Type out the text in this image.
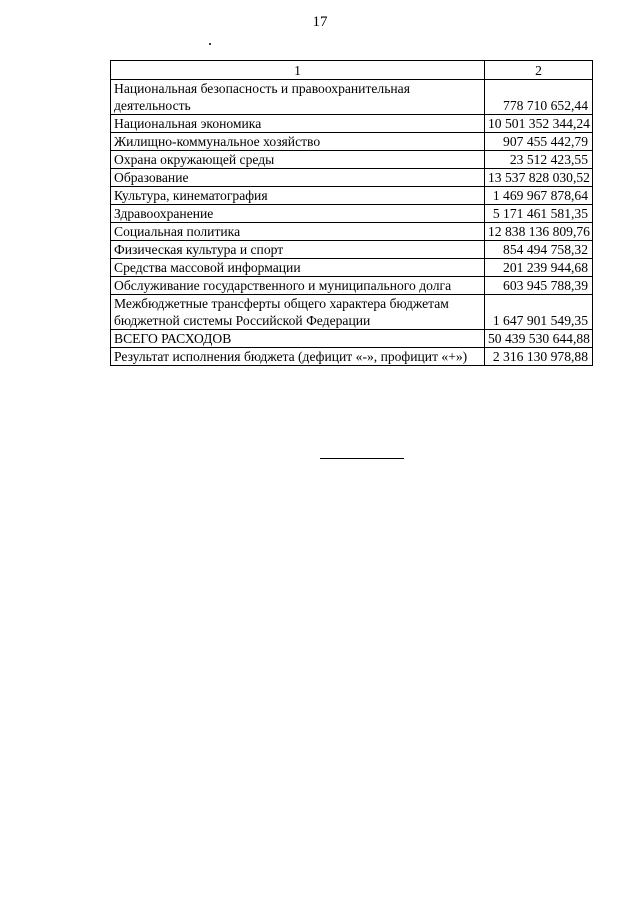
17
1	2
Национальная безопасность и правоохранительная деятельность	778 710 652,44
Национальная экономика	10 501 352 344,24
Жилищно-коммунальное хозяйство	907 455 442,79
Охрана окружающей среды	23 512 423,55
Образование	13 537 828 030,52
Культура, кинематография	1 469 967 878,64
Здравоохранение	5 171 461 581,35
Социальная политика	12 838 136 809,76
Физическая культура и спорт	854 494 758,32
Средства массовой информации	201 239 944,68
Обслуживание государственного и муниципального долга	603 945 788,39
Межбюджетные трансферты общего характера бюджетам бюджетной системы Российской Федерации	1 647 901 549,35
ВСЕГО РАСХОДОВ	50 439 530 644,88
Результат исполнения бюджета (дефицит «-», профицит «+»)	2 316 130 978,88
